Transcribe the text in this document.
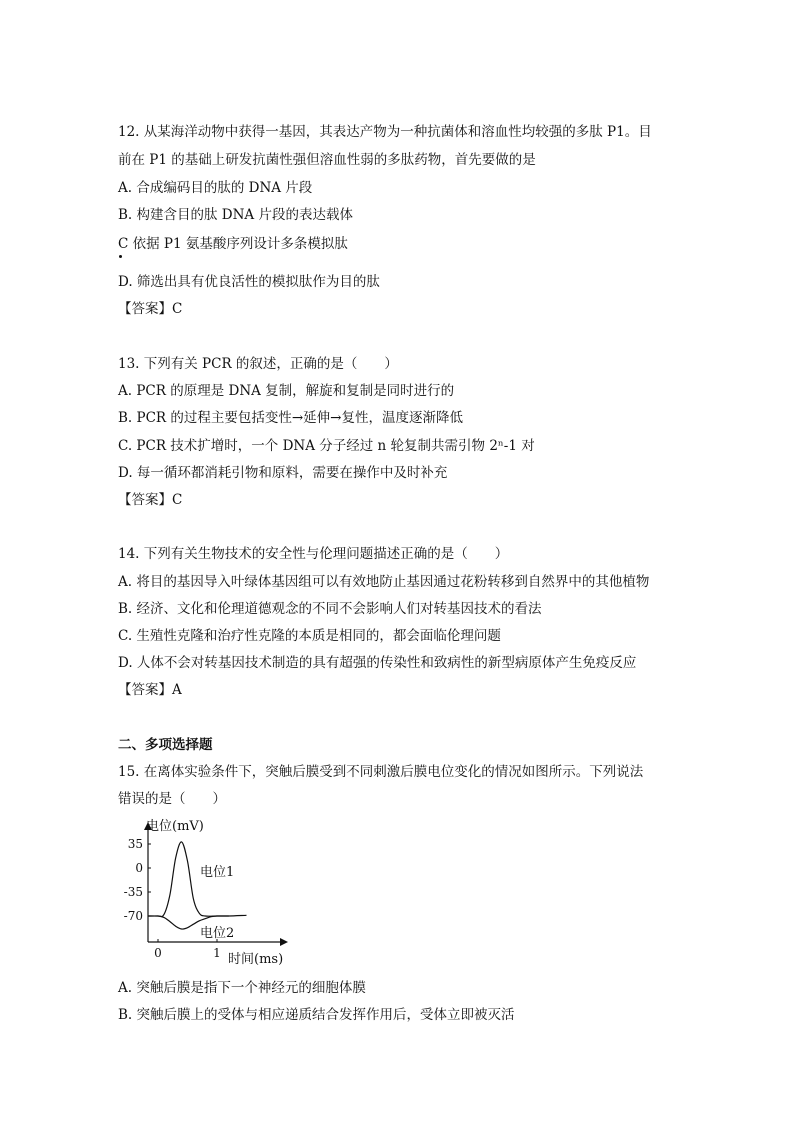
12. 从某海洋动物中获得一基因，其表达产物为一种抗菌体和溶血性均较强的多肽 P1。目
前在 P1 的基础上研发抗菌性强但溶血性弱的多肽药物，首先要做的是
A. 合成编码目的肽的 DNA 片段
B. 构建含目的肽 DNA 片段的表达载体
C 依据 P1 氨基酸序列设计多条模拟肽
D. 筛选出具有优良活性的模拟肽作为目的肽
【答案】C
13. 下列有关 PCR 的叙述，正确的是（　　）
A. PCR 的原理是 DNA 复制，解旋和复制是同时进行的
B. PCR 的过程主要包括变性→延伸→复性，温度逐渐降低
C. PCR 技术扩增时，一个 DNA 分子经过 n 轮复制共需引物 2ⁿ-1 对
D. 每一循环都消耗引物和原料，需要在操作中及时补充
【答案】C
14. 下列有关生物技术的安全性与伦理问题描述正确的是（　　）
A. 将目的基因导入叶绿体基因组可以有效地防止基因通过花粉转移到自然界中的其他植物
B. 经济、文化和伦理道德观念的不同不会影响人们对转基因技术的看法
C. 生殖性克隆和治疗性克隆的本质是相同的，都会面临伦理问题
D. 人体不会对转基因技术制造的具有超强的传染性和致病性的新型病原体产生免疫反应
【答案】A
二、多项选择题
15. 在离体实验条件下，突触后膜受到不同刺激后膜电位变化的情况如图所示。下列说法
错误的是（　　）
35
0
-35
-70
0	1
电位(mV)
时间(ms)
电位1
电位2
A. 突触后膜是指下一个神经元的细胞体膜
B. 突触后膜上的受体与相应递质结合发挥作用后，受体立即被灭活
